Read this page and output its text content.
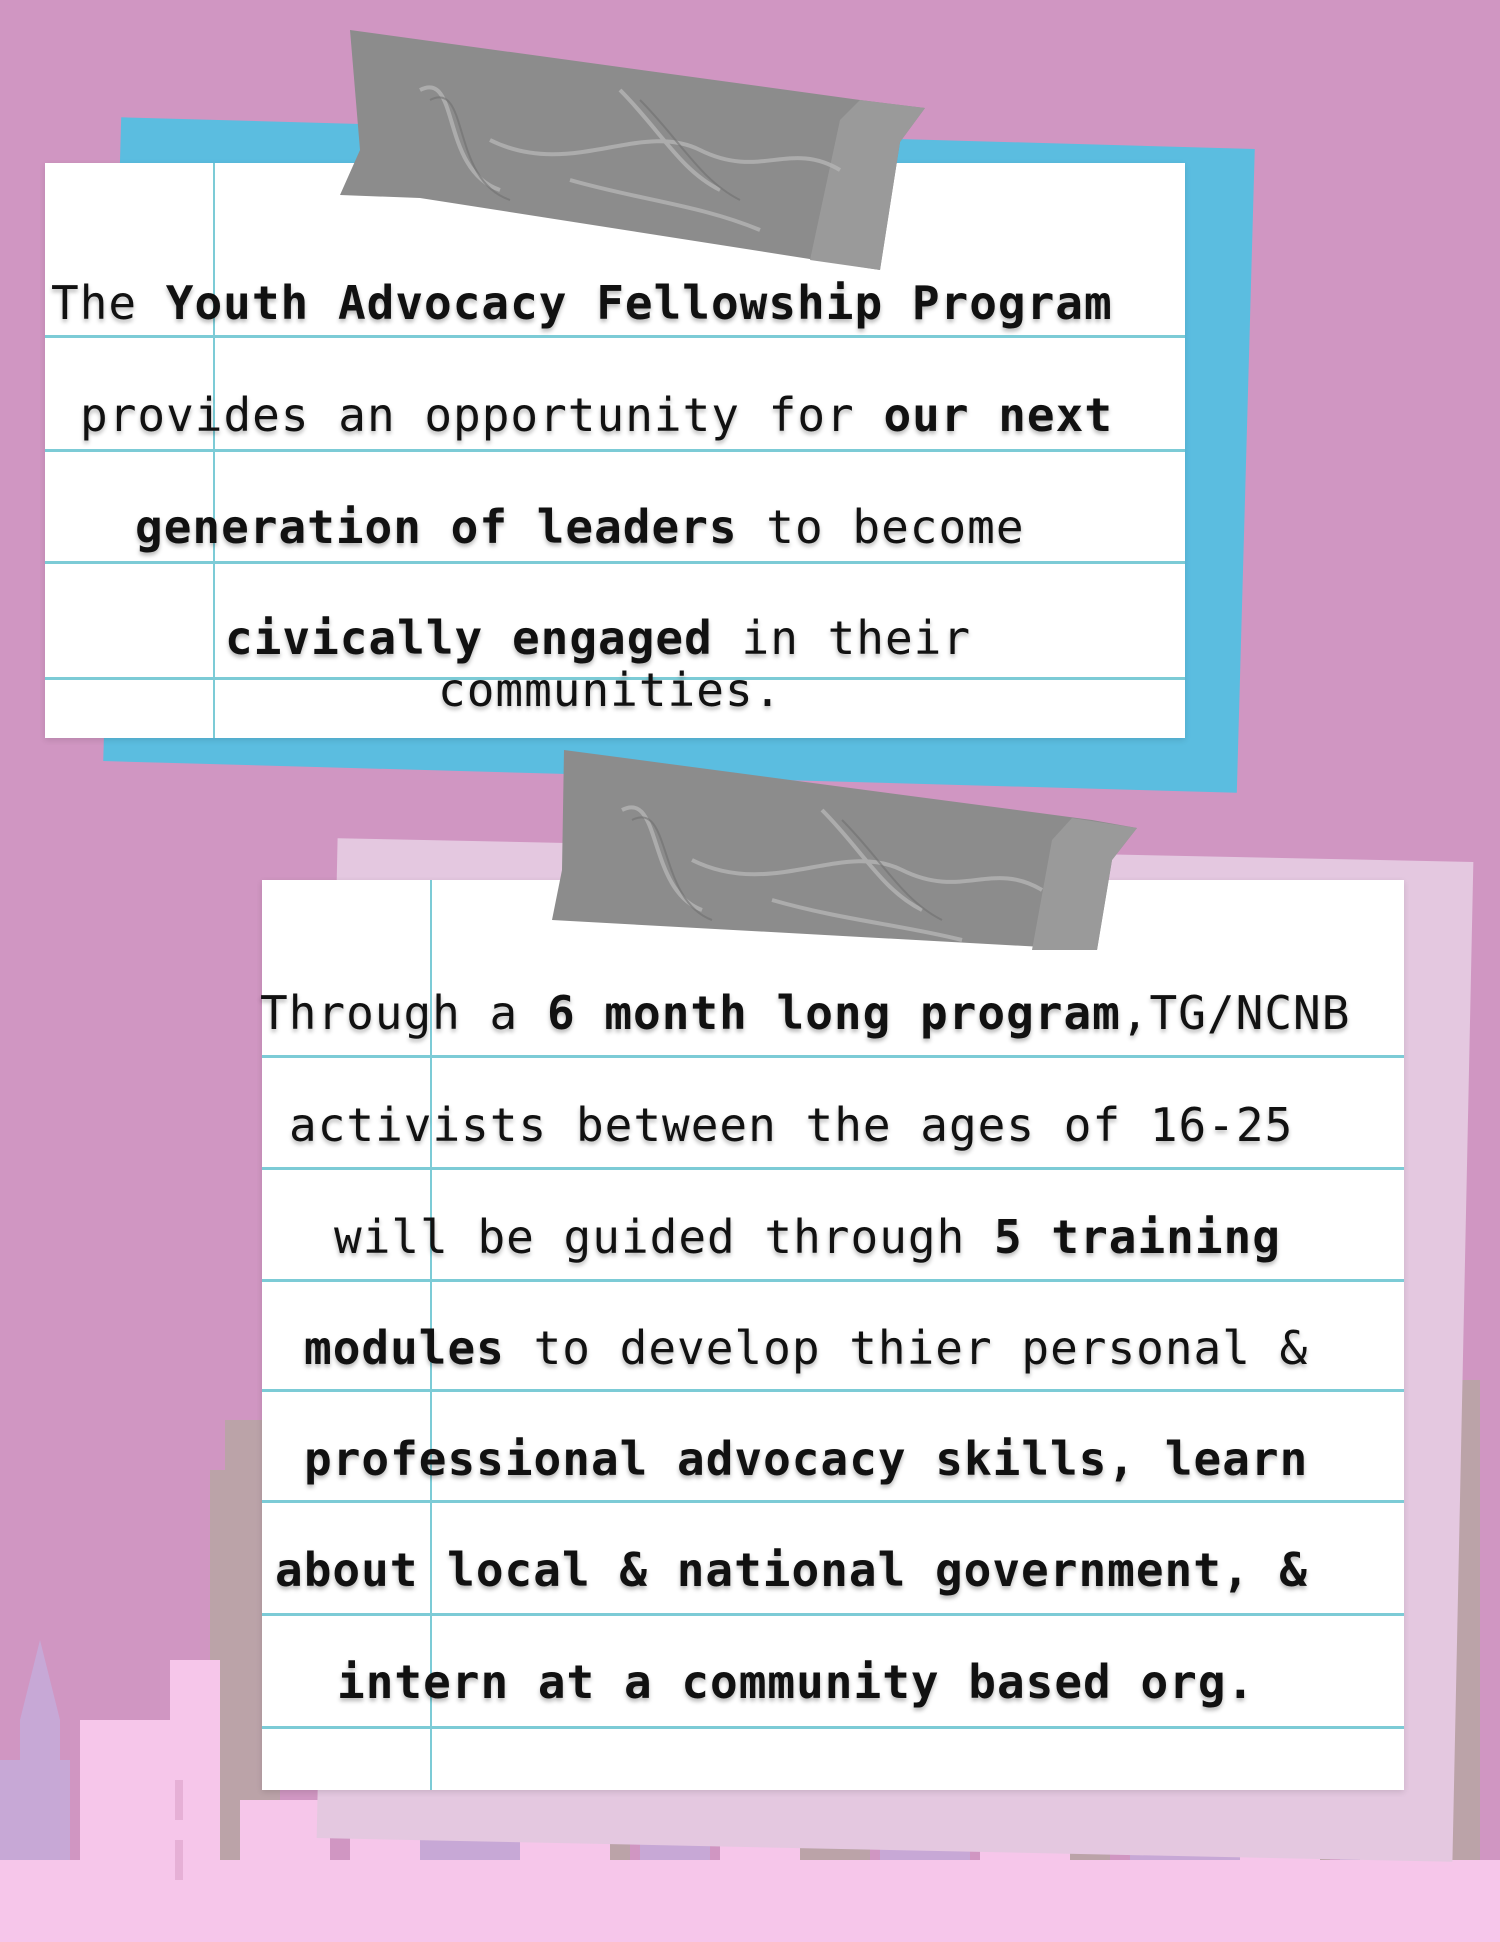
The Youth Advocacy Fellowship Program
provides an opportunity for our next
generation of leaders to become
civically engaged in their
communities.
Through a 6 month long program,TG/NCNB
activists between the ages of 16-25
will be guided through 5 training
modules to develop thier personal &
professional advocacy skills, learn
about local & national government, &
intern at a community based org.
